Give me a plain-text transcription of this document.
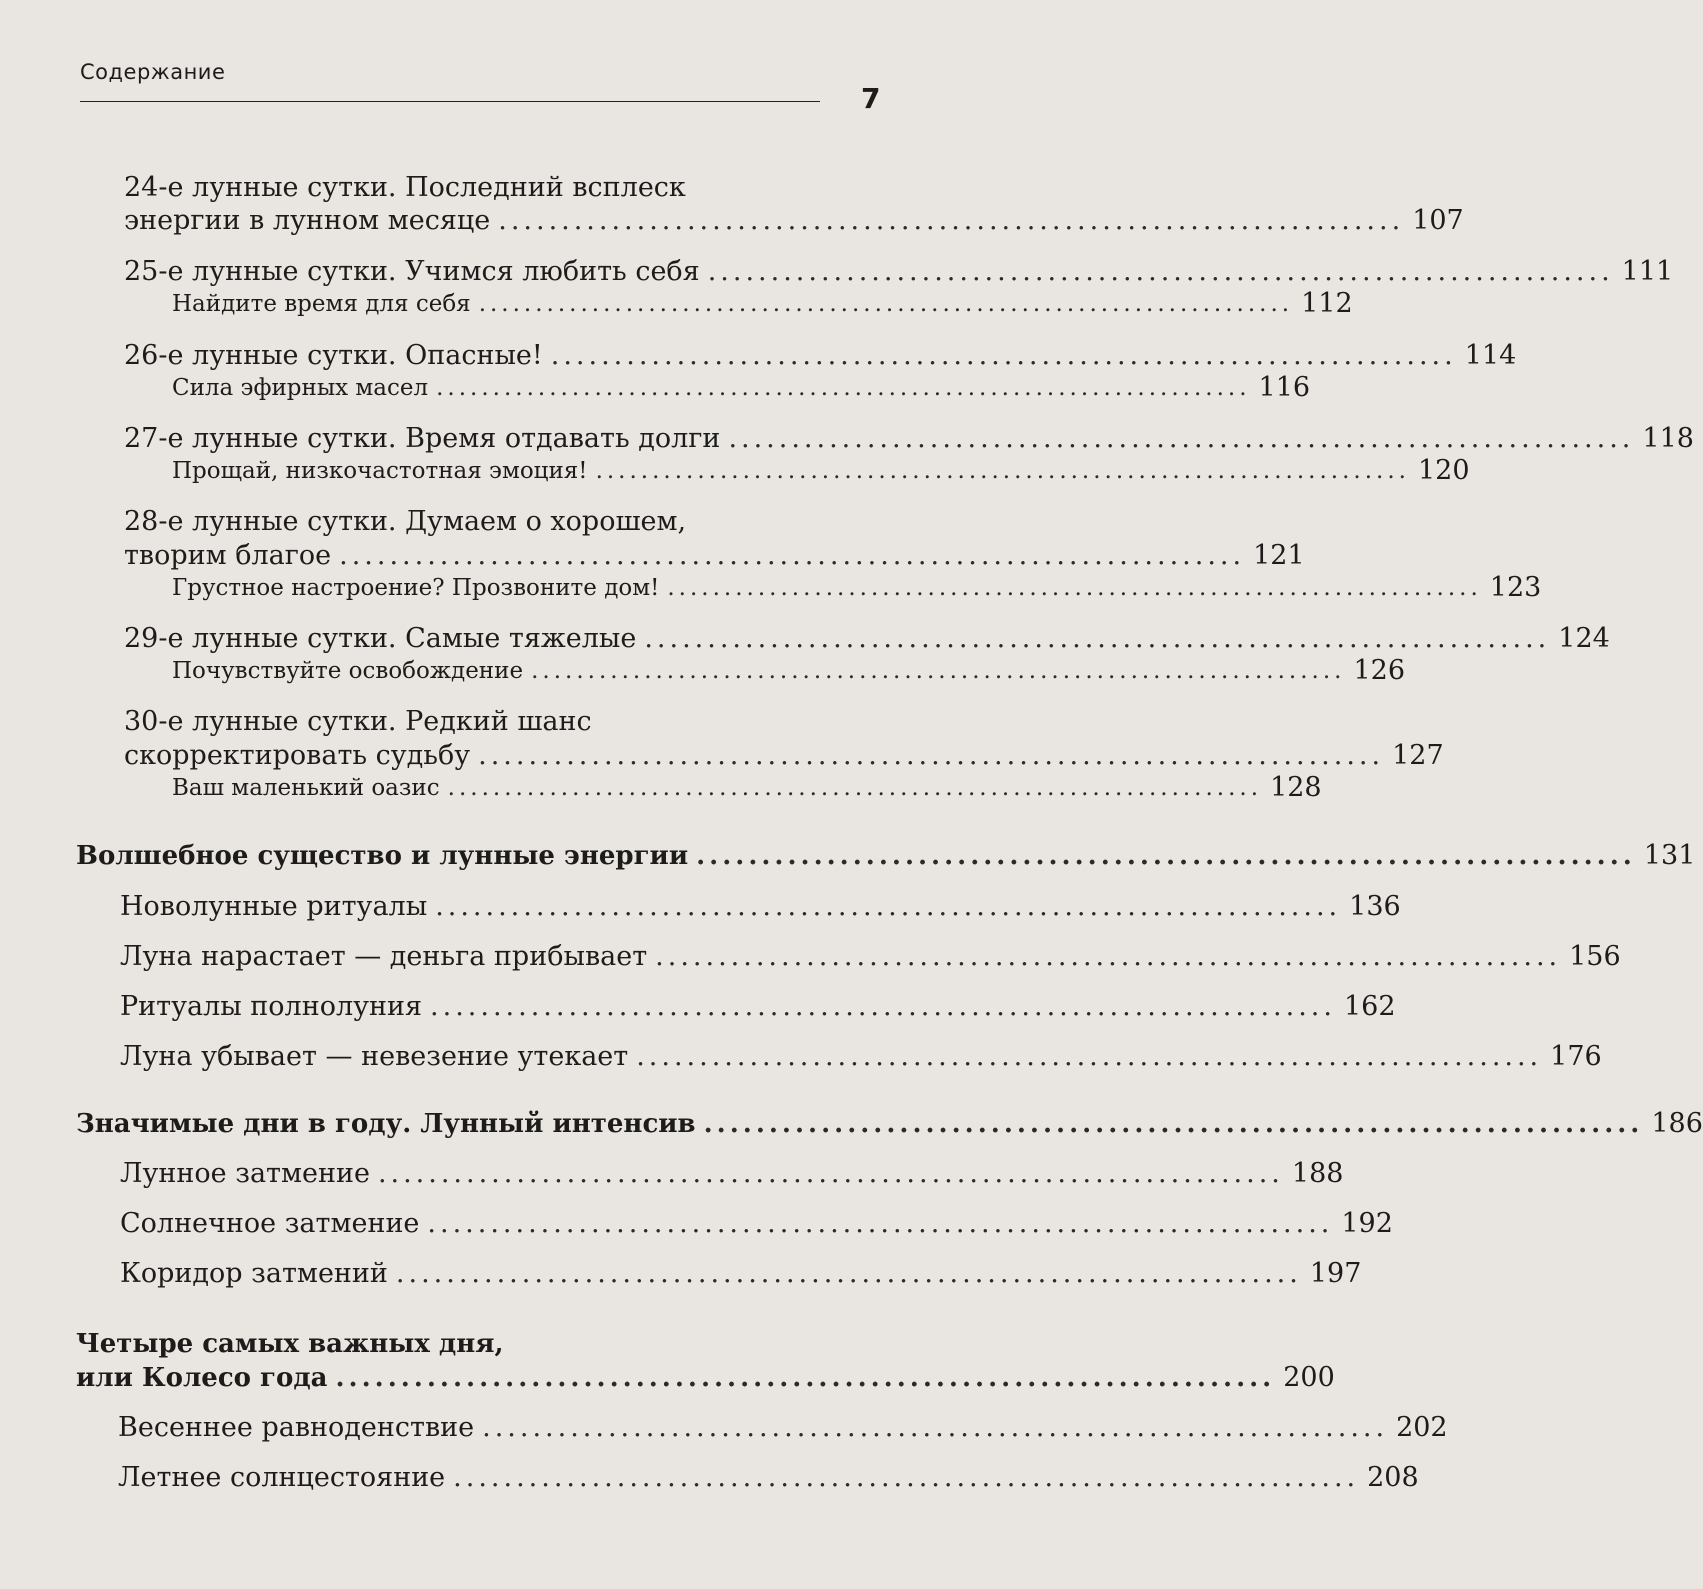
Содержание
7
24-е лунные сутки. Последний всплеск
энергии в лунном месяце ........................................................................ 107
25-е лунные сутки. Учимся любить себя ........................................................................ 111
Найдите время для себя ........................................................................ 112
26-е лунные сутки. Опасные! ........................................................................ 114
Сила эфирных масел ........................................................................ 116
27-е лунные сутки. Время отдавать долги ........................................................................ 118
Прощай, низкочастотная эмоция! ........................................................................ 120
28-е лунные сутки. Думаем о хорошем,
творим благое ........................................................................ 121
Грустное настроение? Прозвоните дом! ........................................................................ 123
29-е лунные сутки. Самые тяжелые ........................................................................ 124
Почувствуйте освобождение ........................................................................ 126
30-е лунные сутки. Редкий шанс
скорректировать судьбу ........................................................................ 127
Ваш маленький оазис ........................................................................ 128
Волшебное существо и лунные энергии ........................................................................ 131
Новолунные ритуалы ........................................................................ 136
Луна нарастает — деньга прибывает ........................................................................ 156
Ритуалы полнолуния ........................................................................ 162
Луна убывает — невезение утекает ........................................................................ 176
Значимые дни в году. Лунный интенсив ........................................................................ 186
Лунное затмение ........................................................................ 188
Солнечное затмение ........................................................................ 192
Коридор затмений ........................................................................ 197
Четыре самых важных дня,
или Колесо года ........................................................................ 200
Весеннее равноденствие ........................................................................ 202
Летнее солнцестояние ........................................................................ 208
